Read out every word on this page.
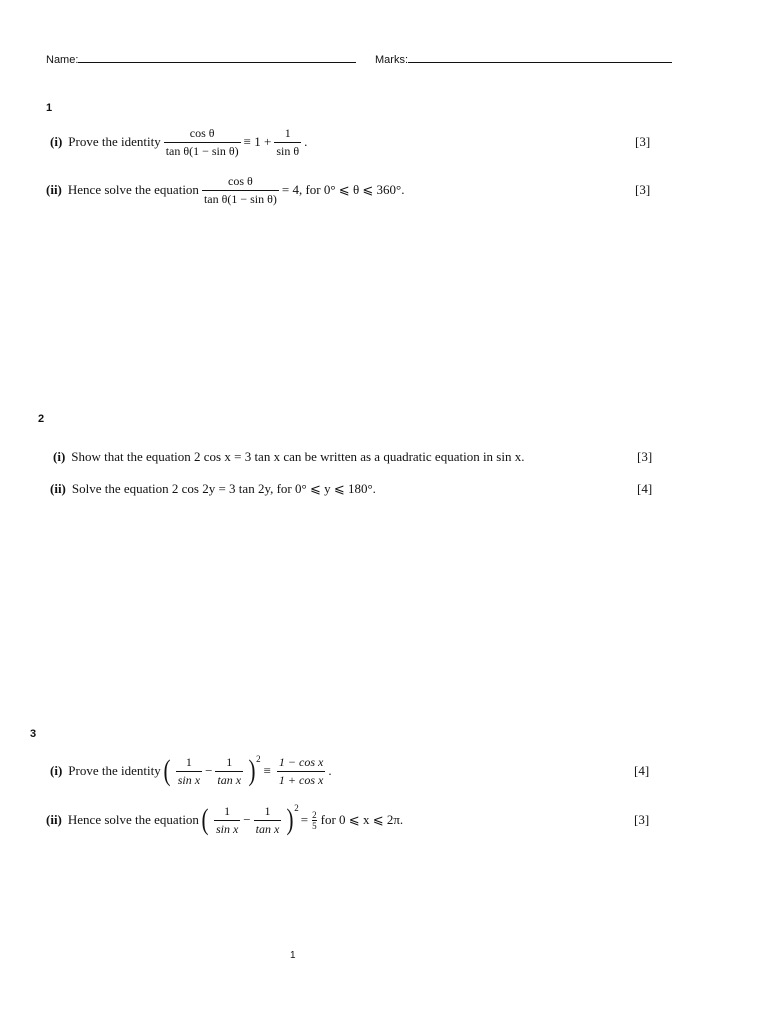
Name:	Marks:
1
(i) Prove the identity $\frac{\text{cos θ}}{\text{tan θ(1 − sin θ)}} \equiv 1 + \frac{1}{\text{sin θ}}$ .	[3]
(ii) Hence solve the equation $\frac{\text{cos θ}}{\text{tan θ(1 − sin θ)}} = 4$, for 0° ⩽ θ ⩽ 360°.	[3]
2
(i) Show that the equation 2 cos x = 3 tan x can be written as a quadratic equation in sin x.	[3]
(ii) Solve the equation 2 cos 2y = 3 tan 2y, for 0° ⩽ y ⩽ 180°.	[4]
3
(i) Prove the identity ( $\frac{1}{\text{sin x}} - \frac{1}{\text{tan x}}$ ) 2
≡ $\frac{\text{1 − cos x}}{\text{1 + cos x}}$ .	[4]
(ii) Hence solve the equation ( $\frac{1}{\text{sin x}} - \frac{1}{\text{tan x}}$ ) 2
= $\frac{2}{5}$ for 0 ⩽ x ⩽ 2π.	[3]
1
